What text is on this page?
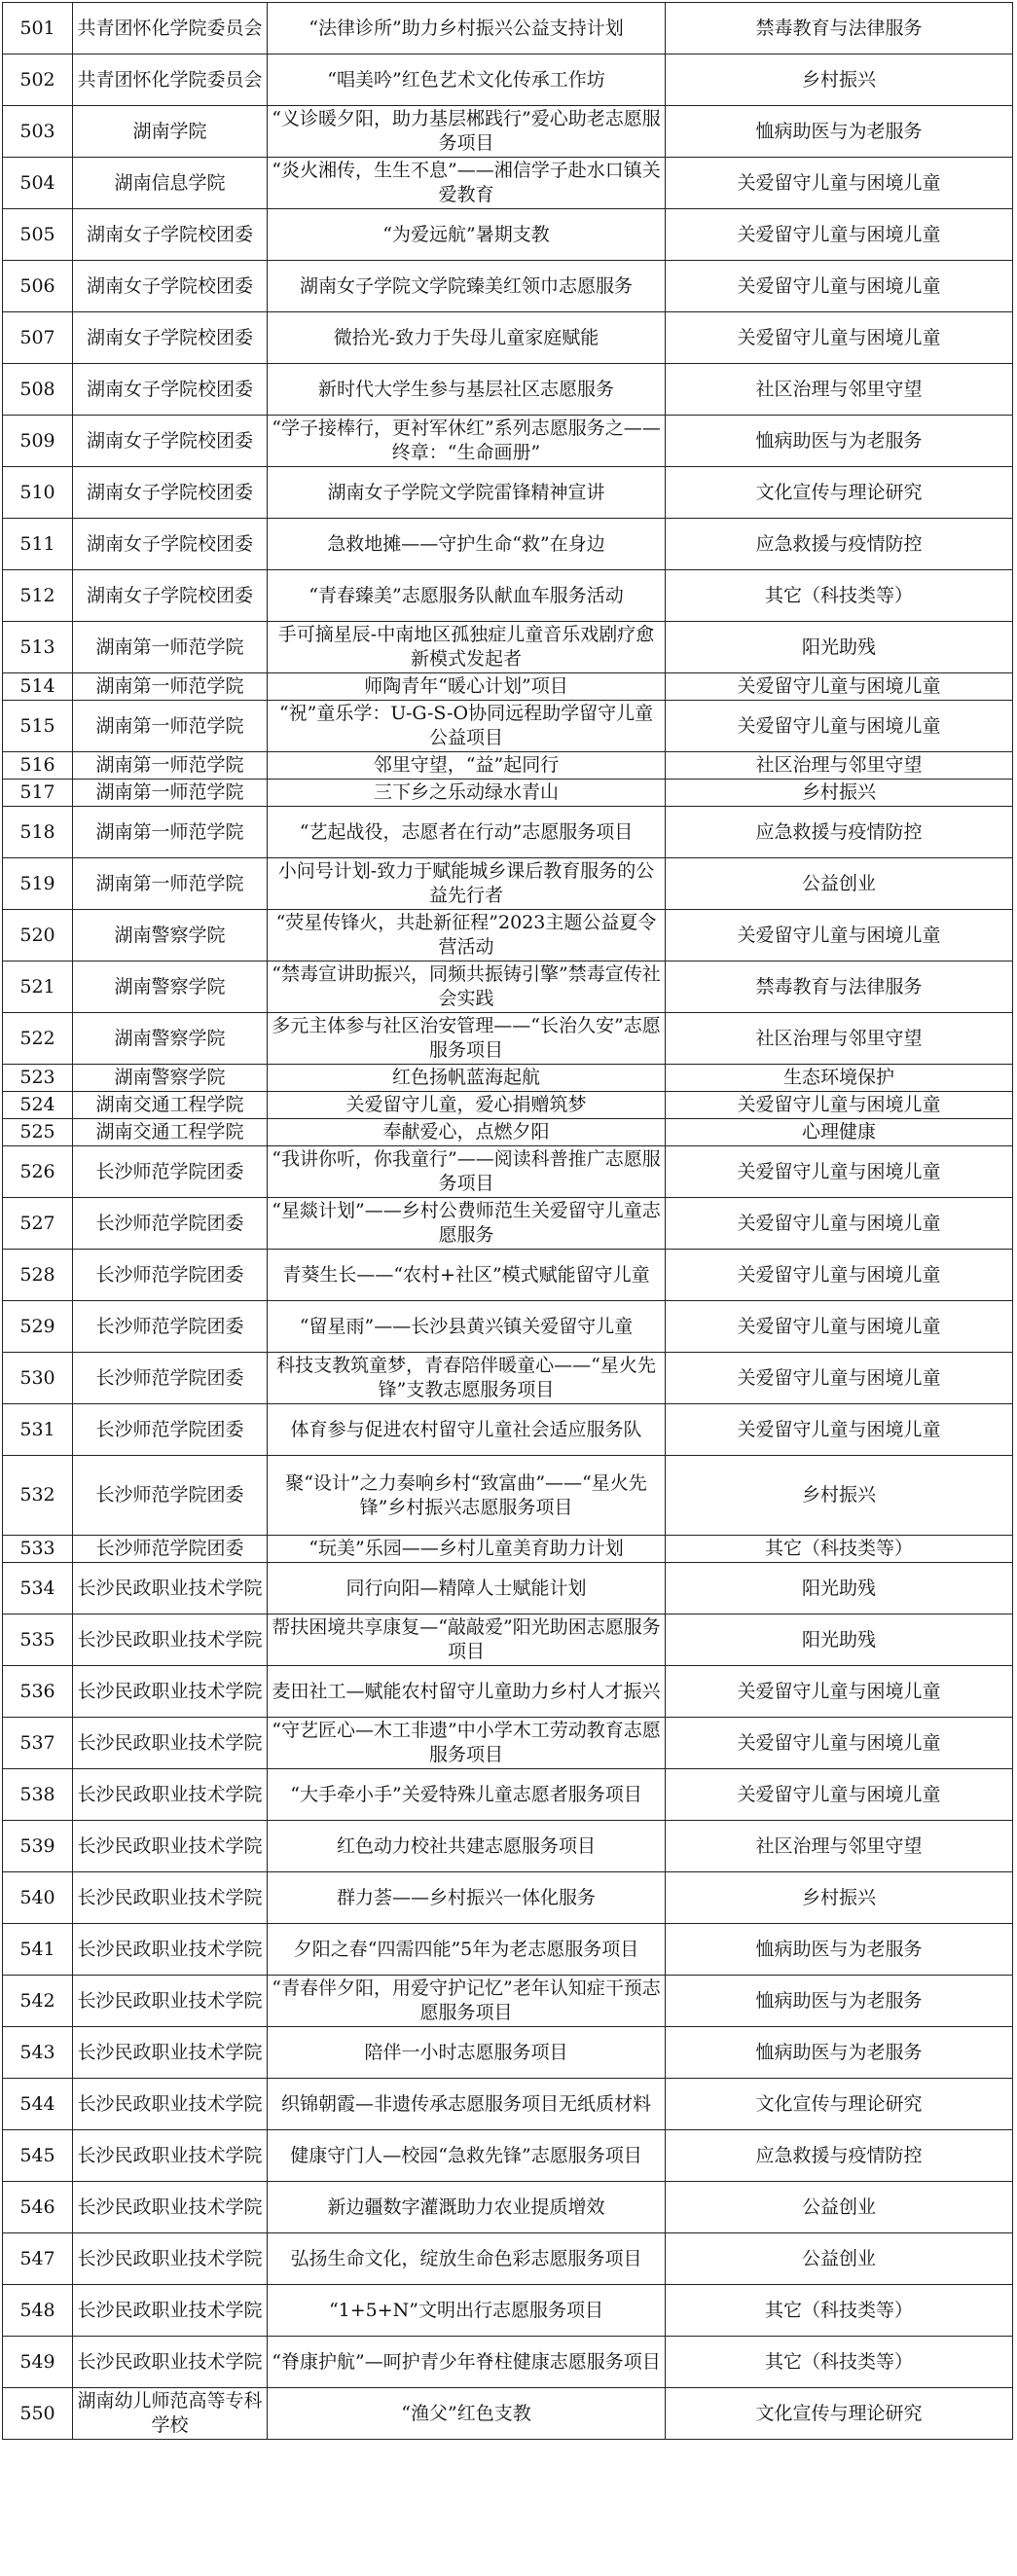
501	共青团怀化学院委员会	“法律诊所”助力乡村振兴公益支持计划	禁毒教育与法律服务
502	共青团怀化学院委员会	“唱美吟”红色艺术文化传承工作坊	乡村振兴
503	湖南学院	“义诊暖夕阳，助力基层郴践行”爱心助老志愿服务项目	恤病助医与为老服务
504	湖南信息学院	“炎火湘传，生生不息”——湘信学子赴水口镇关爱教育	关爱留守儿童与困境儿童
505	湖南女子学院校团委	“为爱远航”暑期支教	关爱留守儿童与困境儿童
506	湖南女子学院校团委	湖南女子学院文学院臻美红领巾志愿服务	关爱留守儿童与困境儿童
507	湖南女子学院校团委	微拾光-致力于失母儿童家庭赋能	关爱留守儿童与困境儿童
508	湖南女子学院校团委	新时代大学生参与基层社区志愿服务	社区治理与邻里守望
509	湖南女子学院校团委	“学子接棒行，更衬军休红”系列志愿服务之——终章：“生命画册”	恤病助医与为老服务
510	湖南女子学院校团委	湖南女子学院文学院雷锋精神宣讲	文化宣传与理论研究
511	湖南女子学院校团委	急救地摊——守护生命“救”在身边	应急救援与疫情防控
512	湖南女子学院校团委	“青春臻美”志愿服务队献血车服务活动	其它（科技类等）
513	湖南第一师范学院	手可摘星辰-中南地区孤独症儿童音乐戏剧疗愈新模式发起者	阳光助残
514	湖南第一师范学院	师陶青年“暖心计划”项目	关爱留守儿童与困境儿童
515	湖南第一师范学院	“祝”童乐学：U-G-S-O协同远程助学留守儿童公益项目	关爱留守儿童与困境儿童
516	湖南第一师范学院	邻里守望，“益”起同行	社区治理与邻里守望
517	湖南第一师范学院	三下乡之乐动绿水青山	乡村振兴
518	湖南第一师范学院	“艺起战役，志愿者在行动”志愿服务项目	应急救援与疫情防控
519	湖南第一师范学院	小问号计划-致力于赋能城乡课后教育服务的公益先行者	公益创业
520	湖南警察学院	“荧星传锋火，共赴新征程”2023主题公益夏令营活动	关爱留守儿童与困境儿童
521	湖南警察学院	“禁毒宣讲助振兴，同频共振铸引擎”禁毒宣传社会实践	禁毒教育与法律服务
522	湖南警察学院	多元主体参与社区治安管理——“长治久安”志愿服务项目	社区治理与邻里守望
523	湖南警察学院	红色扬帆蓝海起航	生态环境保护
524	湖南交通工程学院	关爱留守儿童，爱心捐赠筑梦	关爱留守儿童与困境儿童
525	湖南交通工程学院	奉献爱心，点燃夕阳	心理健康
526	长沙师范学院团委	“我讲你听，你我童行”——阅读科普推广志愿服务项目	关爱留守儿童与困境儿童
527	长沙师范学院团委	“星燚计划”——乡村公费师范生关爱留守儿童志愿服务	关爱留守儿童与困境儿童
528	长沙师范学院团委	青葵生长——“农村+社区”模式赋能留守儿童	关爱留守儿童与困境儿童
529	长沙师范学院团委	“留星雨”——长沙县黄兴镇关爱留守儿童	关爱留守儿童与困境儿童
530	长沙师范学院团委	科技支教筑童梦，青春陪伴暖童心——“星火先锋”支教志愿服务项目	关爱留守儿童与困境儿童
531	长沙师范学院团委	体育参与促进农村留守儿童社会适应服务队	关爱留守儿童与困境儿童
532	长沙师范学院团委	聚“设计”之力奏响乡村“致富曲”——“星火先锋”乡村振兴志愿服务项目	乡村振兴
533	长沙师范学院团委	“玩美”乐园——乡村儿童美育助力计划	其它（科技类等）
534	长沙民政职业技术学院	同行向阳—精障人士赋能计划	阳光助残
535	长沙民政职业技术学院	帮扶困境共享康复—“敲敲爱”阳光助困志愿服务项目	阳光助残
536	长沙民政职业技术学院	麦田社工—赋能农村留守儿童助力乡村人才振兴	关爱留守儿童与困境儿童
537	长沙民政职业技术学院	“守艺匠心—木工非遗”中小学木工劳动教育志愿服务项目	关爱留守儿童与困境儿童
538	长沙民政职业技术学院	“大手牵小手”关爱特殊儿童志愿者服务项目	关爱留守儿童与困境儿童
539	长沙民政职业技术学院	红色动力校社共建志愿服务项目	社区治理与邻里守望
540	长沙民政职业技术学院	群力荟——乡村振兴一体化服务	乡村振兴
541	长沙民政职业技术学院	夕阳之春“四需四能”5年为老志愿服务项目	恤病助医与为老服务
542	长沙民政职业技术学院	“青春伴夕阳，用爱守护记忆”老年认知症干预志愿服务项目	恤病助医与为老服务
543	长沙民政职业技术学院	陪伴一小时志愿服务项目	恤病助医与为老服务
544	长沙民政职业技术学院	织锦朝霞—非遗传承志愿服务项目无纸质材料	文化宣传与理论研究
545	长沙民政职业技术学院	健康守门人—校园“急救先锋”志愿服务项目	应急救援与疫情防控
546	长沙民政职业技术学院	新边疆数字灌溉助力农业提质增效	公益创业
547	长沙民政职业技术学院	弘扬生命文化，绽放生命色彩志愿服务项目	公益创业
548	长沙民政职业技术学院	“1+5+N”文明出行志愿服务项目	其它（科技类等）
549	长沙民政职业技术学院	“脊康护航”—呵护青少年脊柱健康志愿服务项目	其它（科技类等）
550	湖南幼儿师范高等专科学校	“渔父”红色支教	文化宣传与理论研究
